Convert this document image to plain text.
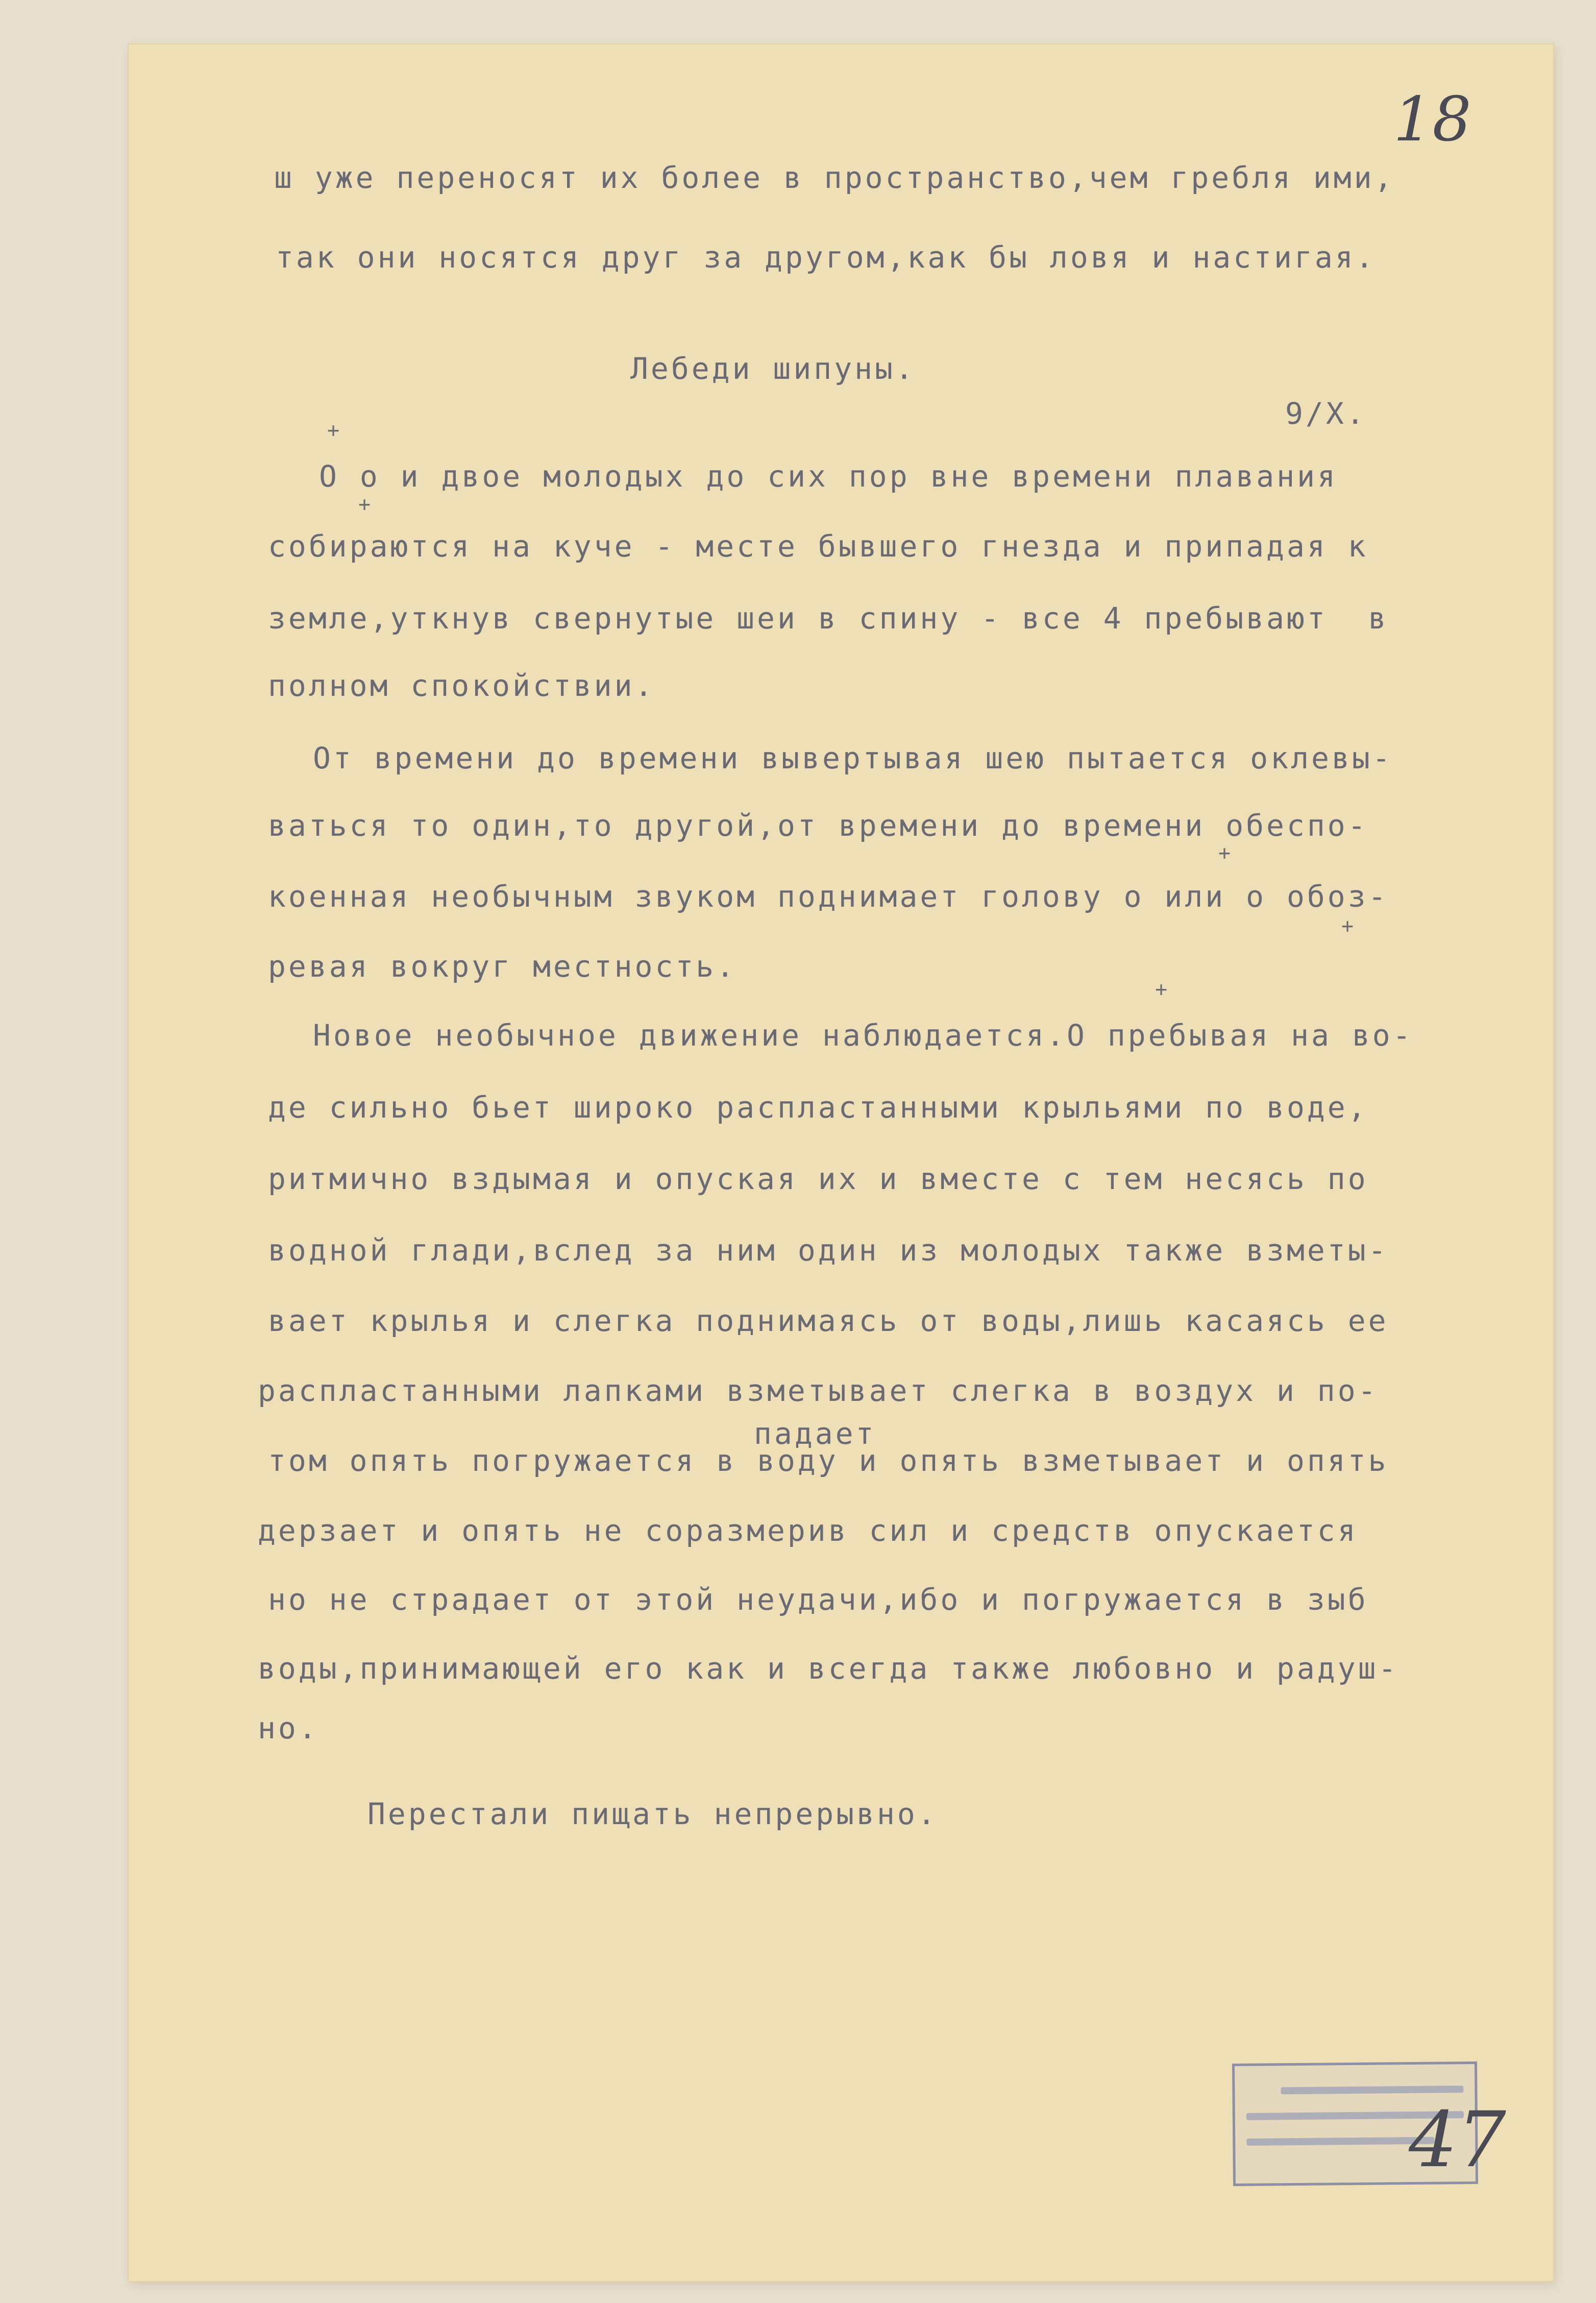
18
ш уже переносят их более в пространство,чем гребля ими,
так они носятся друг за другом,как бы ловя и настигая.
Лебеди шипуны.
9/X.
+
О о и двое молодых до сих пор вне времени плавания
+
собираются на куче - месте бывшего гнезда и припадая к
земле,уткнув свернутые шеи в спину - все 4 пребывают  в
полном спокойствии.
От времени до времени вывертывая шею пытается оклевы-
ваться то один,то другой,от времени до времени обеспо-
+
коенная необычным звуком поднимает голову о или о обоз-
+
ревая вокруг местность.
+
Новое необычное движение наблюдается.О пребывая на во-
де сильно бьет широко распластанными крыльями по воде,
ритмично вздымая и опуская их и вместе с тем несясь по
водной глади,вслед за ним один из молодых также взметы-
вает крылья и слегка поднимаясь от воды,лишь касаясь ее
распластанными лапками взметывает слегка в воздух и по-
падает
том опять погружается в воду и опять взметывает и опять
дерзает и опять не соразмерив сил и средств опускается
но не страдает от этой неудачи,ибо и погружается в зыб
воды,принимающей его как и всегда также любовно и радуш-
но.
Перестали пищать непрерывно.
47
